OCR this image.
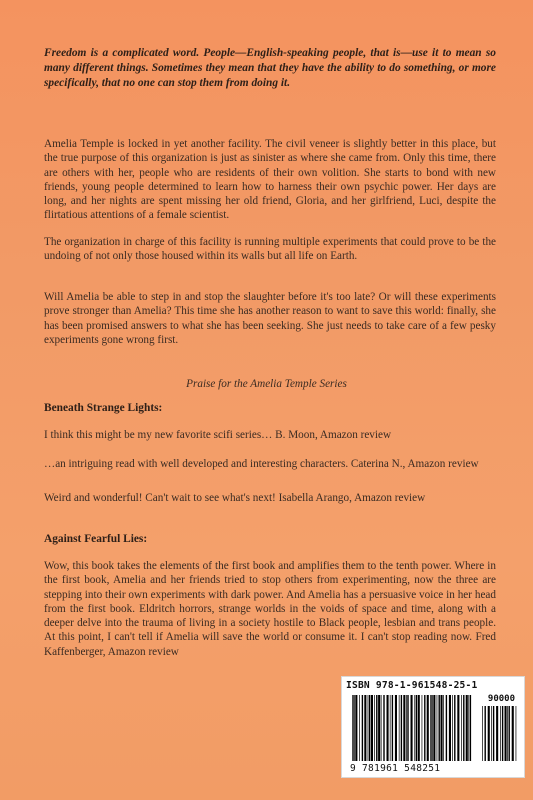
Freedom is a complicated word. People—English-speaking people, that is—use it to mean so many different things. Sometimes they mean that they have the ability to do something, or more specifically, that no one can stop them from doing it.

Amelia Temple is locked in yet another facility. The civil veneer is slightly better in this place, but the true purpose of this organization is just as sinister as where she came from. Only this time, there are others with her, people who are residents of their own volition. She starts to bond with new friends, young people determined to learn how to harness their own psychic power. Her days are long, and her nights are spent missing her old friend, Gloria, and her girlfriend, Luci, despite the flirtatious attentions of a female scientist.

The organization in charge of this facility is running multiple experiments that could prove to be the undoing of not only those housed within its walls but all life on Earth.

Will Amelia be able to step in and stop the slaughter before it's too late? Or will these experiments prove stronger than Amelia? This time she has another reason to want to save this world: finally, she has been promised answers to what she has been seeking. She just needs to take care of a few pesky experiments gone wrong first.

Praise for the Amelia Temple Series
Beneath Strange Lights:

I think this might be my new favorite scifi series… B. Moon, Amazon review

…an intriguing read with well developed and interesting characters. Caterina N., Amazon review

Weird and wonderful! Can't wait to see what's next! Isabella Arango, Amazon review

Against Fearful Lies:

Wow, this book takes the elements of the first book and amplifies them to the tenth power. Where in the first book, Amelia and her friends tried to stop others from experimenting, now the three are stepping into their own experiments with dark power. And Amelia has a persuasive voice in her head from the first book. Eldritch horrors, strange worlds in the voids of space and time, along with a deeper delve into the trauma of living in a society hostile to Black people, lesbian and trans people. At this point, I can't tell if Amelia will save the world or consume it. I can't stop reading now. Fred Kaffenberger, Amazon review

ISBN 978-1-961548-25-1
90000
9 781961 548251
